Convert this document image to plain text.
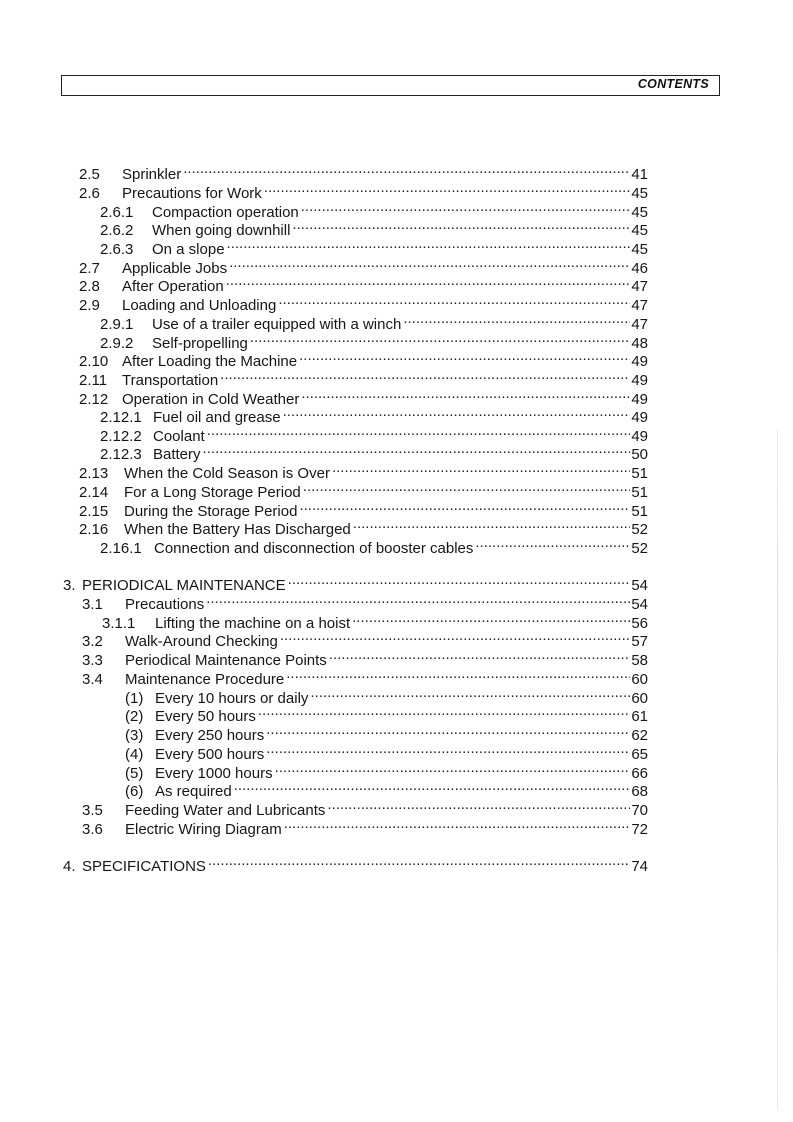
CONTENTS
2.5	Sprinkler .....	41
2.6	Precautions for Work .....	45
2.6.1	Compaction operation .....	45
2.6.2	When going downhill .....	45
2.6.3	On a slope .....	45
2.7	Applicable Jobs .....	46
2.8	After Operation .....	47
2.9	Loading and Unloading .....	47
2.9.1	Use of a trailer equipped with a winch .....	47
2.9.2	Self-propelling .....	48
2.10 After Loading the Machine .....	49
2.11 Transportation .....	49
2.12 Operation in Cold Weather .....	49
2.12.1 Fuel oil and grease .....	49
2.12.2 Coolant .....	49
2.12.3 Battery .....	50
2.13	When the Cold Season is Over .....	51
2.14	For a Long Storage Period .....	51
2.15	During the Storage Period .....	51
2.16	When the Battery Has Discharged .....	52
2.16.1 Connection and disconnection of booster cables .....	52
3. PERIODICAL MAINTENANCE .....	54
3.1	Precautions .....	54
3.1.1	Lifting the machine on a hoist .....	56
3.2	Walk-Around Checking .....	57
3.3	Periodical Maintenance Points .....	58
3.4	Maintenance Procedure .....	60
(1) Every 10 hours or daily .....	60
(2) Every 50 hours .....	61
(3) Every 250 hours .....	62
(4) Every 500 hours .....	65
(5) Every 1000 hours .....	66
(6) As required .....	68
3.5	Feeding Water and Lubricants .....	70
3.6	Electric Wiring Diagram .....	72
4. SPECIFICATIONS .....	74
